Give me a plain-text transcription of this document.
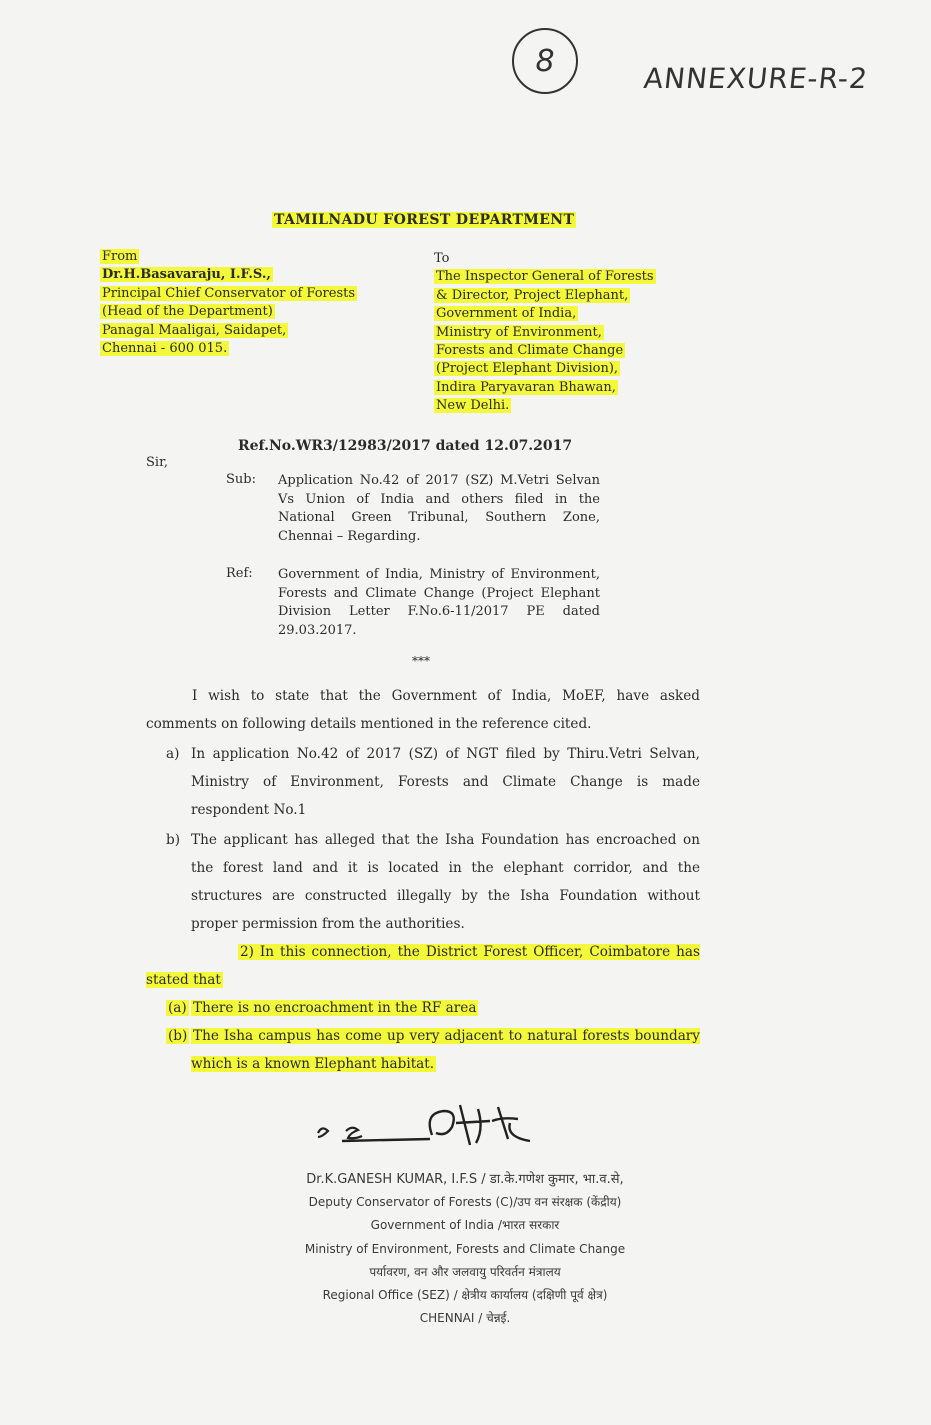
8	ANNEXURE-R-2
TAMILNADU FOREST DEPARTMENT
From
Dr.H.Basavaraju, I.F.S.,
Principal Chief Conservator of Forests
(Head of the Department)
Panagal Maaligai, Saidapet,
Chennai - 600 015.
To
The Inspector General of Forests
& Director, Project Elephant,
Government of India,
Ministry of Environment,
Forests and Climate Change
(Project Elephant Division),
Indira Paryavaran Bhawan,
New Delhi.
Ref.No.WR3/12983/2017 dated 12.07.2017
Sir,
Sub: Application No.42 of 2017 (SZ) M.Vetri Selvan Vs Union of India and others filed in the National Green Tribunal, Southern Zone, Chennai – Regarding.
Ref: Government of India, Ministry of Environment, Forests and Climate Change (Project Elephant Division Letter F.No.6-11/2017 PE dated 29.03.2017.
***
I wish to state that the Government of India, MoEF, have asked comments on following details mentioned in the reference cited.
a) In application No.42 of 2017 (SZ) of NGT filed by Thiru.Vetri Selvan, Ministry of Environment, Forests and Climate Change is made respondent No.1
b) The applicant has alleged that the Isha Foundation has encroached on the forest land and it is located in the elephant corridor, and the structures are constructed illegally by the Isha Foundation without proper permission from the authorities.
2) In this connection, the District Forest Officer, Coimbatore has stated that
(a) There is no encroachment in the RF area
(b) The Isha campus has come up very adjacent to natural forests boundary which is a known Elephant habitat.
Dr.K.GANESH KUMAR, I.F.S / डा.के.गणेश कुमार, भा.व.से,
Deputy Conservator of Forests (C)/उप वन संरक्षक (केंद्रीय)
Government of India /भारत सरकार
Ministry of Environment, Forests and Climate Change
पर्यावरण, वन और जलवायु परिवर्तन मंत्रालय
Regional Office (SEZ) / क्षेत्रीय कार्यालय (दक्षिणी पूर्व क्षेत्र)
CHENNAI / चेन्नई.
